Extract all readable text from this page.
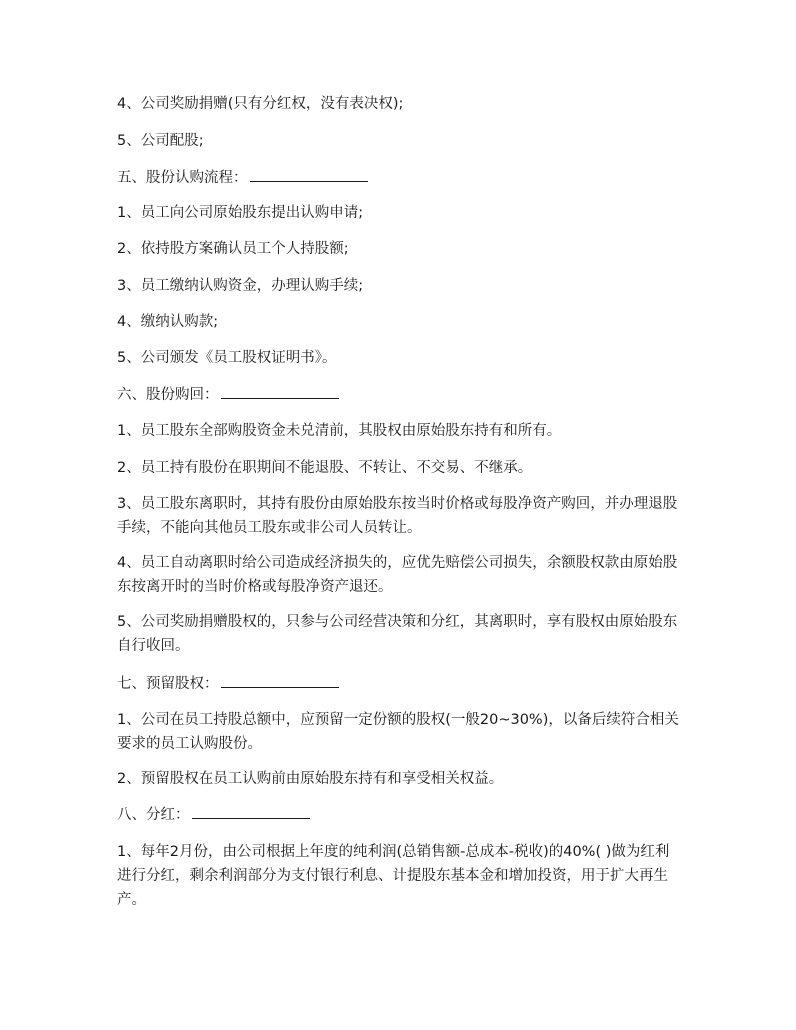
4、公司奖励捐赠(只有分红权，没有表决权);

5、公司配股;

五、股份认购流程：

1、员工向公司原始股东提出认购申请;

2、依持股方案确认员工个人持股额;

3、员工缴纳认购资金，办理认购手续;

4、缴纳认购款;

5、公司颁发《员工股权证明书》。

六、股份购回：

1、员工股东全部购股资金未兑清前，其股权由原始股东持有和所有。

2、员工持有股份在职期间不能退股、不转让、不交易、不继承。

3、员工股东离职时，其持有股份由原始股东按当时价格或每股净资产购回，并办理退股手续，不能向其他员工股东或非公司人员转让。

4、员工自动离职时给公司造成经济损失的，应优先赔偿公司损失，余额股权款由原始股东按离开时的当时价格或每股净资产退还。

5、公司奖励捐赠股权的，只参与公司经营决策和分红，其离职时，享有股权由原始股东自行收回。

七、预留股权：

1、公司在员工持股总额中，应预留一定份额的股权(一般20~30%)，以备后续符合相关要求的员工认购股份。

2、预留股权在员工认购前由原始股东持有和享受相关权益。

八、分红：

1、每年2月份，由公司根据上年度的纯利润(总销售额-总成本-税收)的40%( )做为红利进行分红，剩余利润部分为支付银行利息、计提股东基本金和增加投资，用于扩大再生产。
